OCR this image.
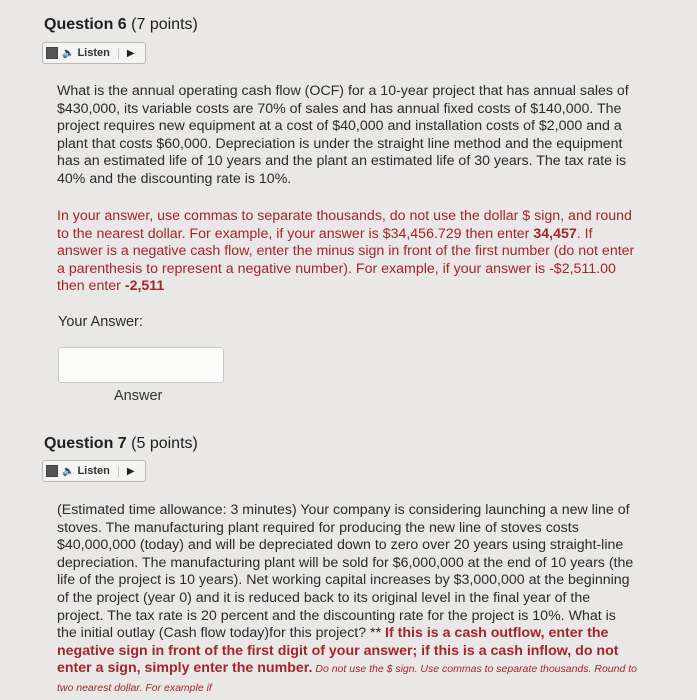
Question 6 (7 points)
🔈 Listen	▶
What is the annual operating cash flow (OCF) for a 10-year project that has annual sales of $430,000, its variable costs are 70% of sales and has annual fixed costs of $140,000. The project requires new equipment at a cost of $40,000 and installation costs of $2,000 and a plant that costs $60,000. Depreciation is under the straight line method and the equipment has an estimated life of 10 years and the plant an estimated life of 30 years. The tax rate is 40% and the discounting rate is 10%.
In your answer, use commas to separate thousands, do not use the dollar $ sign, and round to the nearest dollar. For example, if your answer is $34,456.729 then enter 34,457. If answer is a negative cash flow, enter the minus sign in front of the first number (do not enter a parenthesis to represent a negative number). For example, if your answer is -$2,511.00 then enter -2,511
Your Answer:
Answer
Question 7 (5 points)
🔈 Listen	▶
(Estimated time allowance: 3 minutes) Your company is considering launching a new line of stoves. The manufacturing plant required for producing the new line of stoves costs $40,000,000 (today) and will be depreciated down to zero over 20 years using straight-line depreciation. The manufacturing plant will be sold for $6,000,000 at the end of 10 years (the life of the project is 10 years). Net working capital increases by $3,000,000 at the beginning of the project (year 0) and it is reduced back to its original level in the final year of the project. The tax rate is 20 percent and the discounting rate for the project is 10%. What is the initial outlay (Cash flow today)for this project? ** If this is a cash outflow, enter the negative sign in front of the first digit of your answer; if this is a cash inflow, do not enter a sign, simply enter the number. Do not use the $ sign. Use commas to separate thousands. Round to two nearest dollar. For example if
